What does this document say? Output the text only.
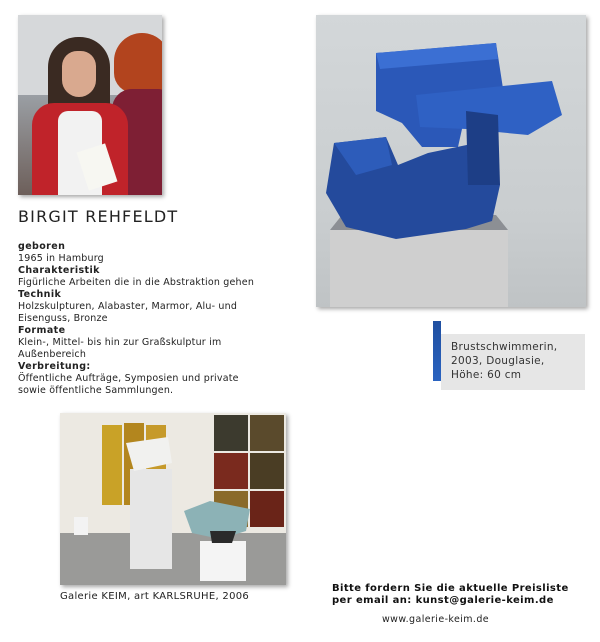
Brustschwimmerin,
2003, Douglasie,
Höhe: 60 cm
BIRGIT REHFELDT
geboren
1965 in Hamburg
Charakteristik
Figürliche Arbeiten die in die Abstraktion gehen
Technik
Holzskulpturen, Alabaster, Marmor, Alu- und
Eisenguss, Bronze
Formate
Klein-, Mittel- bis hin zur Graßskulptur im
Außenbereich
Verbreitung:
Öffentliche Aufträge, Symposien und private
sowie öffentliche Sammlungen.
Galerie KEIM, art KARLSRUHE, 2006
Bitte fordern Sie die aktuelle Preisliste
per email an: kunst@galerie-keim.de
www.galerie-keim.de
